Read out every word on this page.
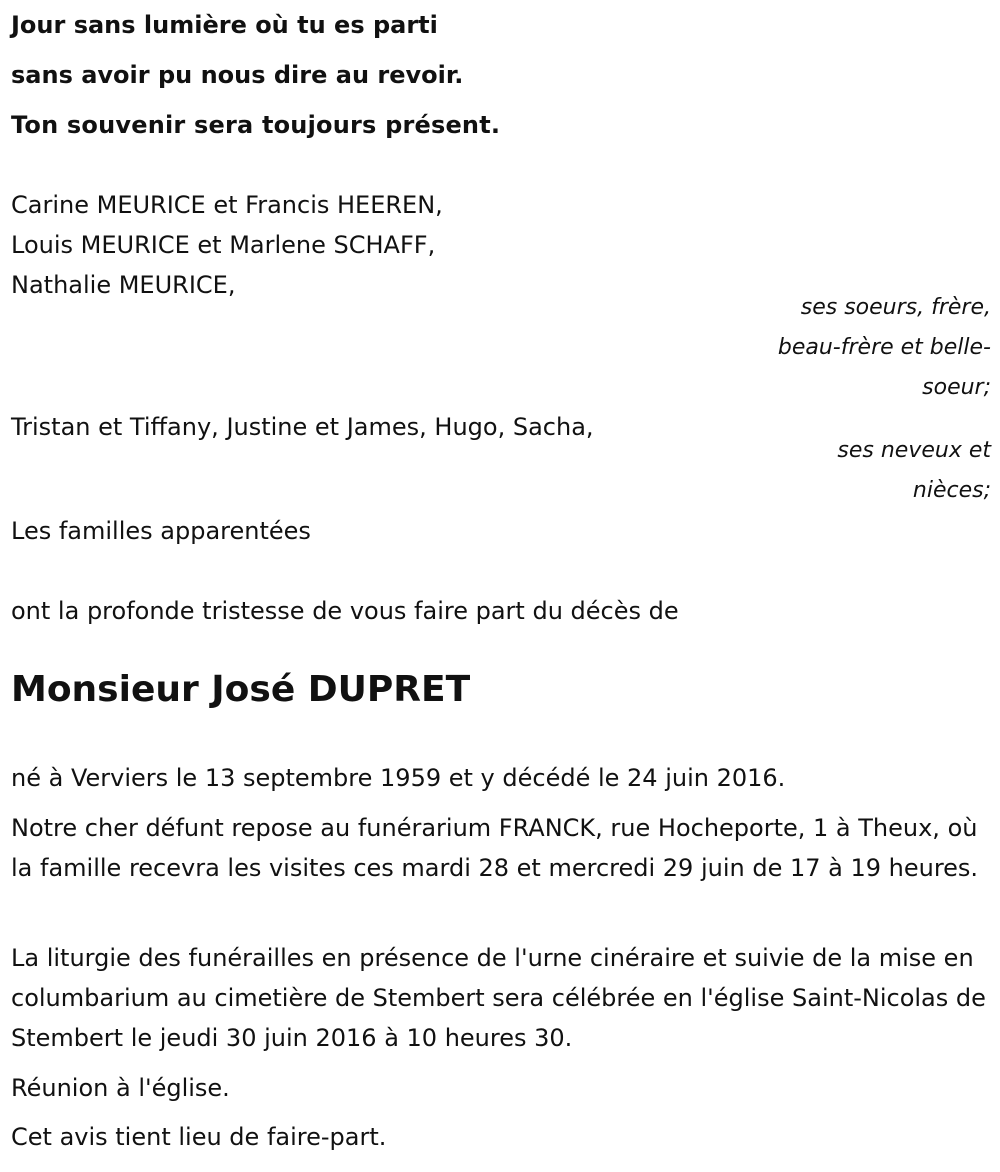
Jour sans lumière où tu es parti
sans avoir pu nous dire au revoir.
Ton souvenir sera toujours présent.
Carine MEURICE et Francis HEEREN,
Louis MEURICE et Marlene SCHAFF,
Nathalie MEURICE,
ses soeurs, frère,
beau-frère et belle-
soeur;
Tristan et Tiffany, Justine et James, Hugo, Sacha,
ses neveux et
nièces;
Les familles apparentées
ont la profonde tristesse de vous faire part du décès de
Monsieur José DUPRET

né à Verviers le 13 septembre 1959 et y décédé le 24 juin 2016.

Notre cher défunt repose au funérarium FRANCK, rue Hocheporte, 1 à Theux, où la famille recevra les visites ces mardi 28 et mercredi 29 juin de 17 à 19 heures.

La liturgie des funérailles en présence de l'urne cinéraire et suivie de la mise en columbarium au cimetière de Stembert sera célébrée en l'église Saint-Nicolas de Stembert le jeudi 30 juin 2016 à 10 heures 30.

Réunion à l'église.

Cet avis tient lieu de faire-part.
